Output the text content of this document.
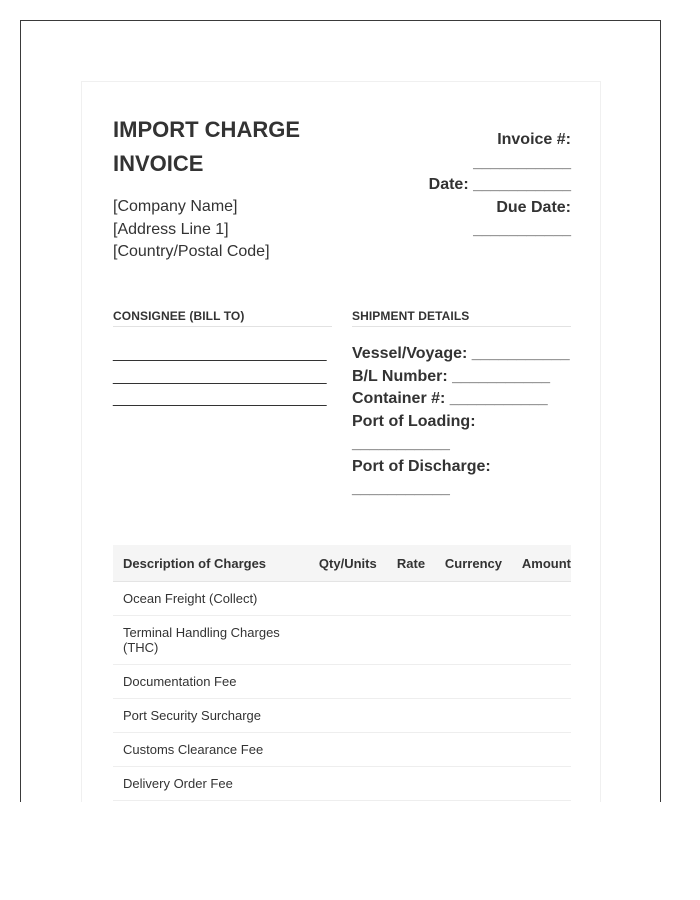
IMPORT CHARGE
INVOICE
[Company Name]
[Address Line 1]
[Country/Postal Code]
Invoice #:
___________
Date: ___________
Due Date:
___________
CONSIGNEE (BILL TO)	SHIPMENT DETAILS
________________________
________________________
________________________
Vessel/Voyage: ___________
B/L Number: ___________
Container #: ___________
Port of Loading:
___________
Port of Discharge:
___________
Description of Charges	Qty/Units	Rate	Currency	Amount
Ocean Freight (Collect)				
Terminal Handling Charges (THC)				
Documentation Fee				
Port Security Surcharge				
Customs Clearance Fee				
Delivery Order Fee				
